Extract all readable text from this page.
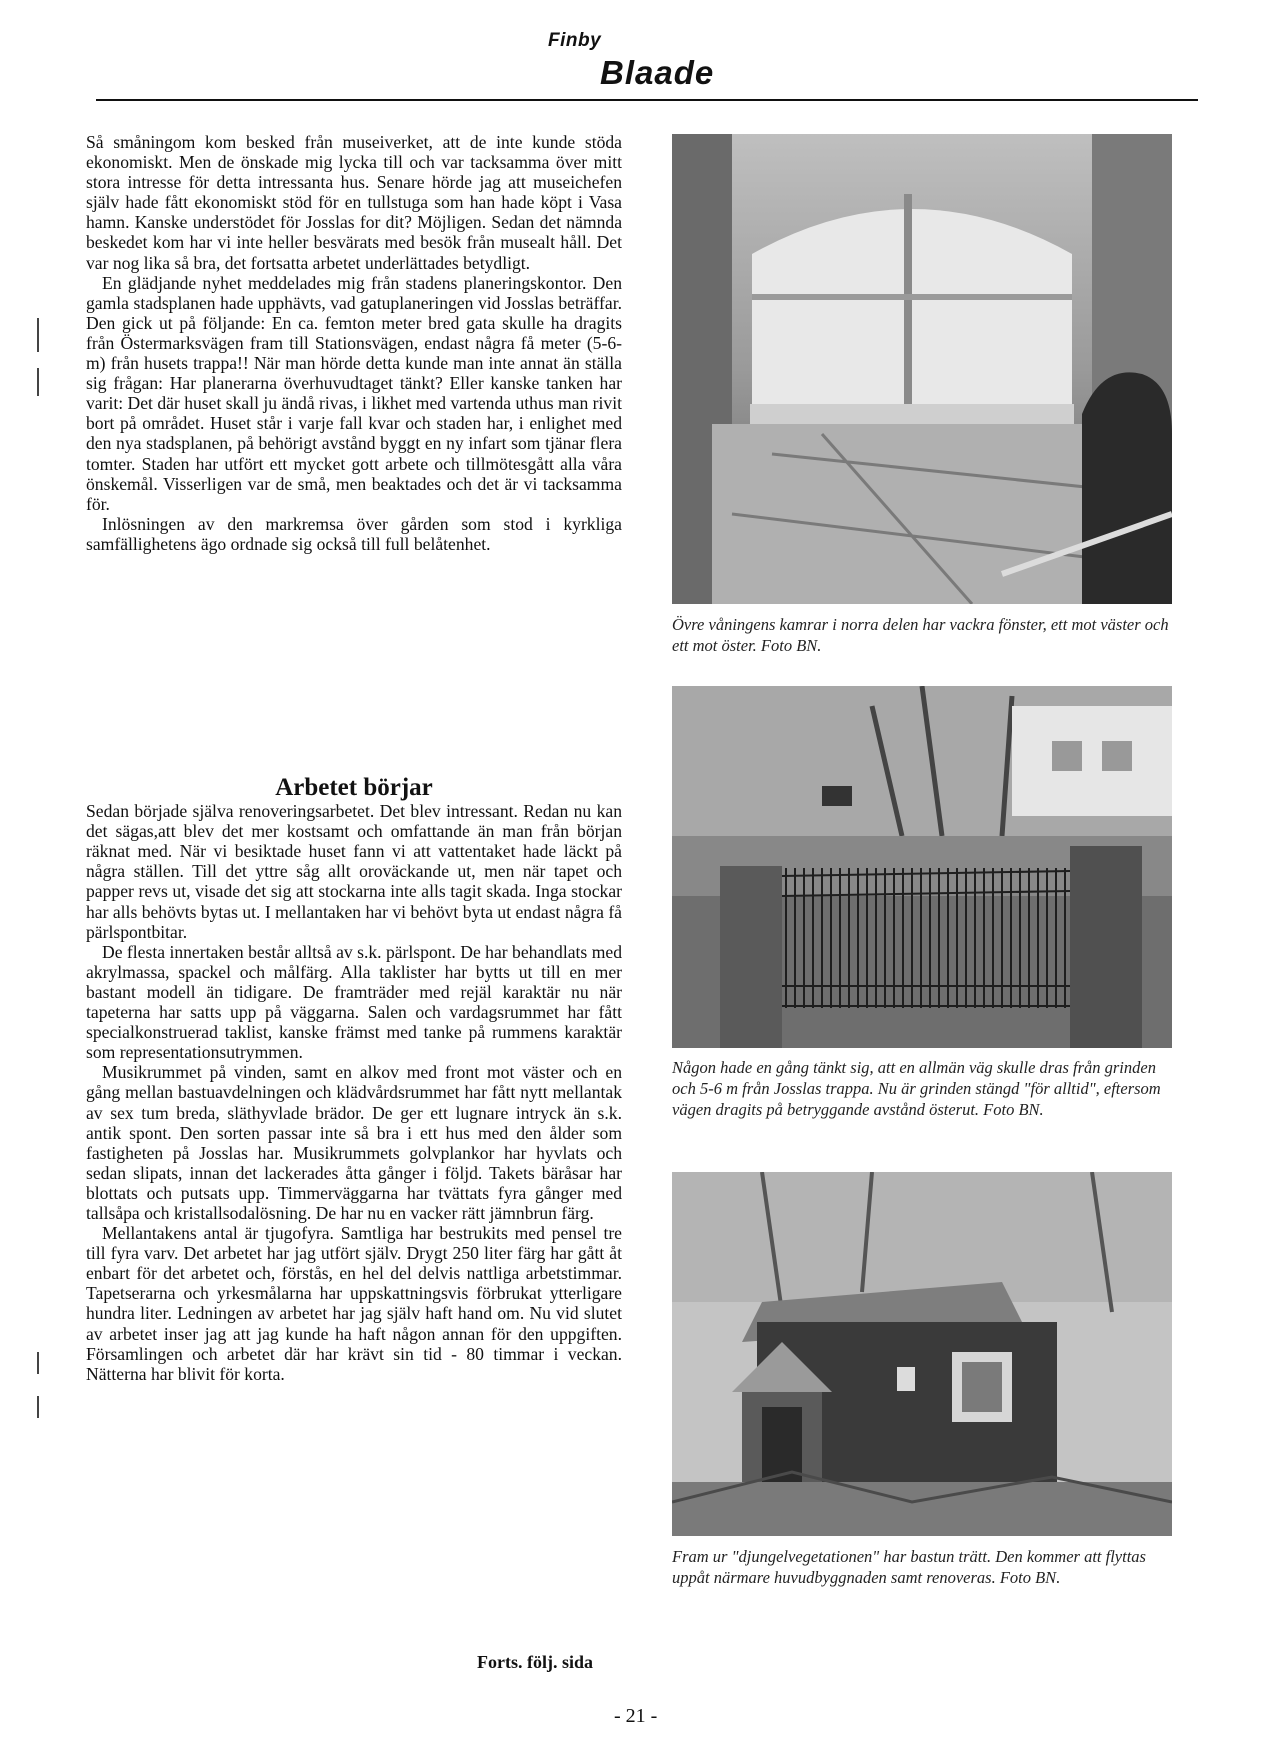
Finby
Blaade

Så småningom kom besked från museiverket, att de inte kunde stöda ekonomiskt. Men de önskade mig lycka till och var tacksamma över mitt stora intresse för detta intressanta hus. Senare hörde jag att museichefen själv hade fått ekonomiskt stöd för en tullstuga som han hade köpt i Vasa hamn. Kanske understödet för Josslas for dit? Möjligen. Sedan det nämnda beskedet kom har vi inte heller besvärats med besök från musealt håll. Det var nog lika så bra, det fortsatta arbetet underlättades betydligt.

En glädjande nyhet meddelades mig från stadens planeringskontor. Den gamla stadsplanen hade upphävts, vad gatuplaneringen vid Josslas beträffar. Den gick ut på följande: En ca. femton meter bred gata skulle ha dragits från Östermarksvägen fram till Stationsvägen, endast några få meter (5-6-m) från husets trappa!! När man hörde detta kunde man inte annat än ställa sig frågan: Har planerarna överhuvudtaget tänkt? Eller kanske tanken har varit: Det där huset skall ju ändå rivas, i likhet med vartenda uthus man rivit bort på området. Huset står i varje fall kvar och staden har, i enlighet med den nya stadsplanen, på behörigt avstånd byggt en ny infart som tjänar flera tomter. Staden har utfört ett mycket gott arbete och tillmötesgått alla våra önskemål. Visserligen var de små, men beaktades och det är vi tacksamma för.

Inlösningen av den markremsa över gården som stod i kyrkliga samfällighetens ägo ordnade sig också till full belåtenhet.

Arbetet börjar

Sedan började själva renoveringsarbetet. Det blev intressant. Redan nu kan det sägas,att blev det mer kostsamt och omfattande än man från början räknat med. När vi besiktade huset fann vi att vattentaket hade läckt på några ställen. Till det yttre såg allt oroväckande ut, men när tapet och papper revs ut, visade det sig att stockarna inte alls tagit skada. Inga stockar har alls behövts bytas ut. I mellantaken har vi behövt byta ut endast några få pärlspontbitar.

De flesta innertaken består alltså av s.k. pärlspont. De har behandlats med akrylmassa, spackel och målfärg. Alla taklister har bytts ut till en mer bastant modell än tidigare. De framträder med rejäl karaktär nu när tapeterna har satts upp på väggarna. Salen och vardagsrummet har fått specialkonstruerad taklist, kanske främst med tanke på rummens karaktär som representationsutrymmen.

Musikrummet på vinden, samt en alkov med front mot väster och en gång mellan bastuavdelningen och klädvårdsrummet har fått nytt mellantak av sex tum breda, släthyvlade brädor. De ger ett lugnare intryck än s.k. antik spont. Den sorten passar inte så bra i ett hus med den ålder som fastigheten på Josslas har. Musikrummets golvplankor har hyvlats och sedan slipats, innan det lackerades åtta gånger i följd. Takets bäråsar har blottats och putsats upp. Timmerväggarna har tvättats fyra gånger med tallsåpa och kristallsodalösning. De har nu en vacker rätt jämnbrun färg.

Mellantakens antal är tjugofyra. Samtliga har bestrukits med pensel tre till fyra varv. Det arbetet har jag utfört själv. Drygt 250 liter färg har gått åt enbart för det arbetet och, förstås, en hel del delvis nattliga arbetstimmar. Tapetserarna och yrkesmålarna har uppskattningsvis förbrukat ytterligare hundra liter. Ledningen av arbetet har jag själv haft hand om. Nu vid slutet av arbetet inser jag att jag kunde ha haft någon annan för den uppgiften. Församlingen och arbetet där har krävt sin tid - 80 timmar i veckan. Nätterna har blivit för korta.

Övre våningens kamrar i norra delen har vackra fönster, ett mot väster och ett mot öster. Foto BN.
Någon hade en gång tänkt sig, att en allmän väg skulle dras från grinden och 5-6 m från Josslas trappa. Nu är grinden stängd "för alltid", eftersom vägen dragits på betryggande avstånd österut. Foto BN.
Fram ur "djungelvegetationen" har bastun trätt. Den kommer att flyttas uppåt närmare huvudbyggnaden samt renoveras. Foto BN.
Forts. följ. sida
- 21 -
